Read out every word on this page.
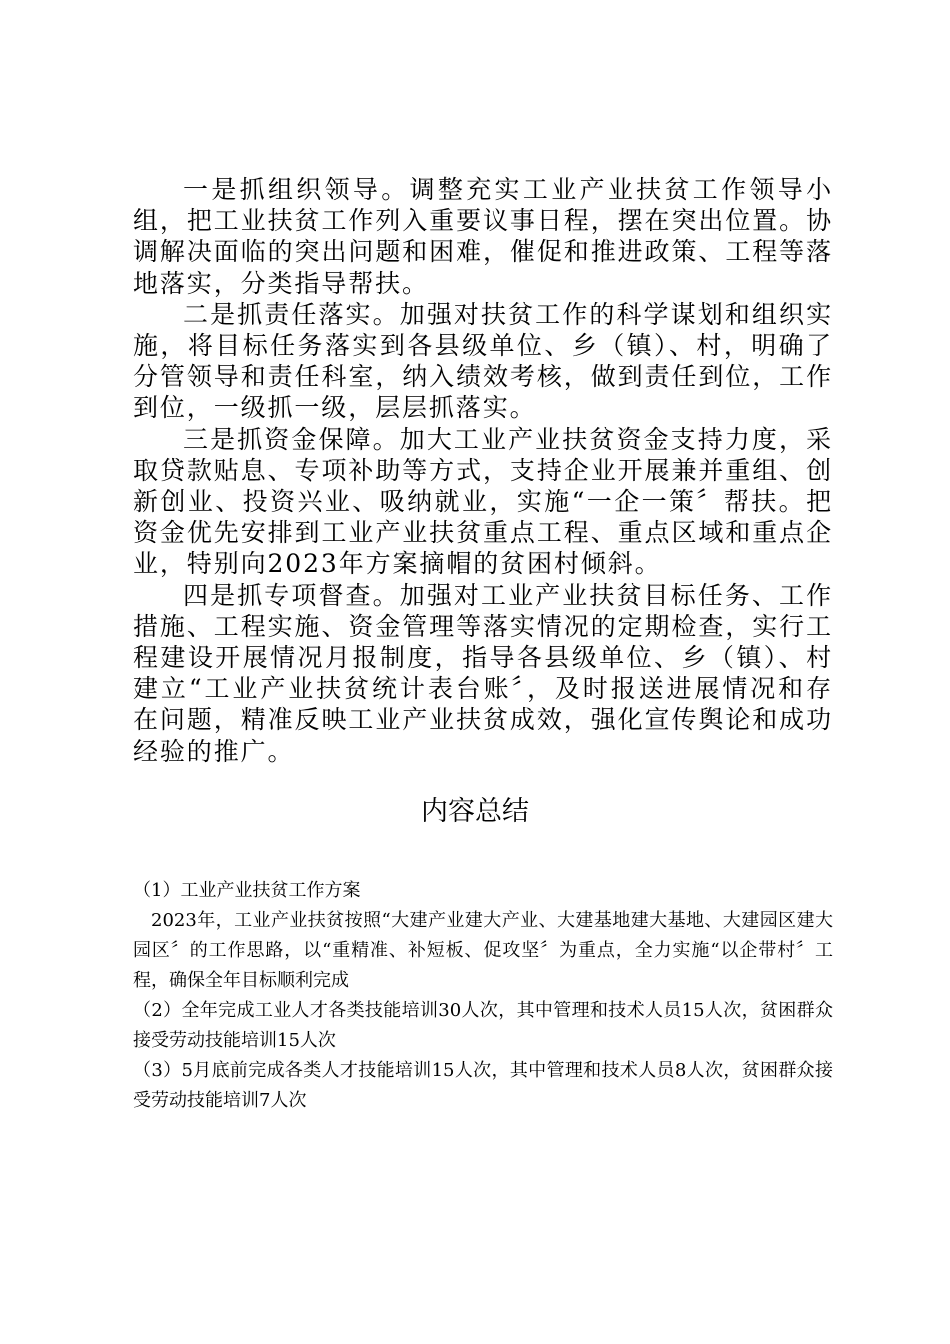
一是抓组织领导。调整充实工业产业扶贫工作领导小组，把工业扶贫工作列入重要议事日程，摆在突出位置。协调解决面临的突出问题和困难，催促和推进政策、工程等落地落实，分类指导帮扶。

二是抓责任落实。加强对扶贫工作的科学谋划和组织实施，将目标任务落实到各县级单位、乡（镇）、村，明确了分管领导和责任科室，纳入绩效考核，做到责任到位，工作到位，一级抓一级，层层抓落实。

三是抓资金保障。加大工业产业扶贫资金支持力度，采取贷款贴息、专项补助等方式，支持企业开展兼并重组、创新创业、投资兴业、吸纳就业，实施“一企一策〞帮扶。把资金优先安排到工业产业扶贫重点工程、重点区域和重点企业，特别向2023年方案摘帽的贫困村倾斜。

四是抓专项督查。加强对工业产业扶贫目标任务、工作措施、工程实施、资金管理等落实情况的定期检查，实行工程建设开展情况月报制度，指导各县级单位、乡（镇）、村建立“工业产业扶贫统计表台账〞，及时报送进展情况和存在问题，精准反映工业产业扶贫成效，强化宣传舆论和成功经验的推广。

内容总结

（1）工业产业扶贫工作方案

2023年，工业产业扶贫按照“大建产业建大产业、大建基地建大基地、大建园区建大园区〞的工作思路，以“重精准、补短板、促攻坚〞为重点，全力实施“以企带村〞工程，确保全年目标顺利完成

（2）全年完成工业人才各类技能培训30人次，其中管理和技术人员15人次，贫困群众接受劳动技能培训15人次

（3）5月底前完成各类人才技能培训15人次，其中管理和技术人员8人次，贫困群众接受劳动技能培训7人次
